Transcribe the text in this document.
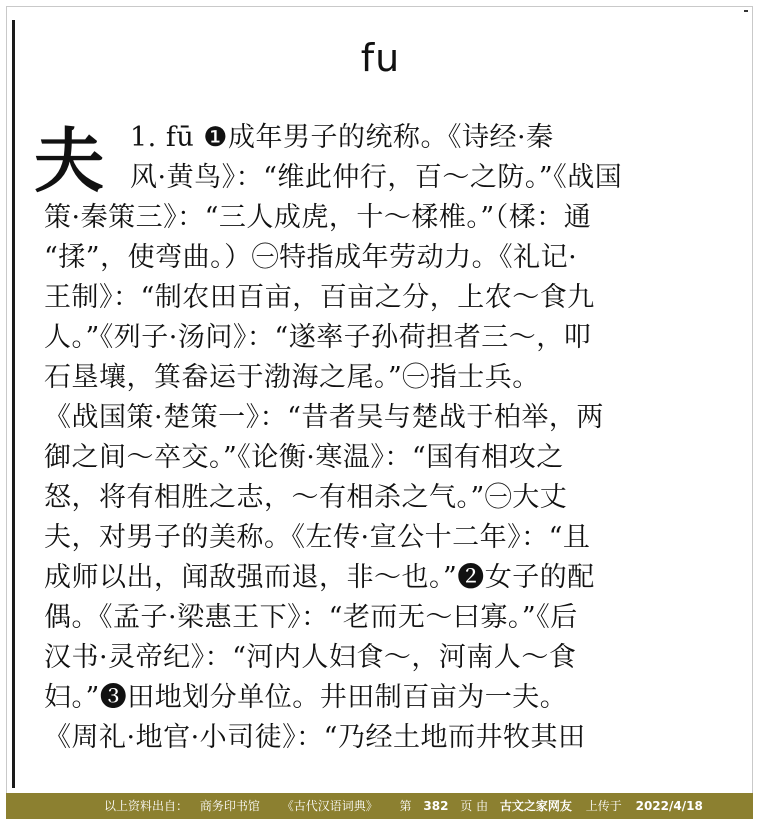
fu
夫 1. fū ❶成年男子的统称。《诗经·秦
风·黄鸟》：“维此仲行，百～之防。”《战国
策·秦策三》：“三人成虎，十～楺椎。”（楺：通
“揉”，使弯曲。）㊀特指成年劳动力。《礼记·
王制》：“制农田百亩，百亩之分，上农～食九
人。”《列子·汤问》：“遂率子孙荷担者三～，叩
石垦壤，箕畚运于渤海之尾。”㊀指士兵。
《战国策·楚策一》：“昔者吴与楚战于柏举，两
御之间～卒交。”《论衡·寒温》：“国有相攻之
怒，将有相胜之志，～有相杀之气。”㊀大丈
夫，对男子的美称。《左传·宣公十二年》：“且
成师以出，闻敌强而退，非～也。”❷女子的配
偶。《孟子·梁惠王下》：“老而无～曰寡。”《后
汉书·灵帝纪》：“河内人妇食～，河南人～食
妇。”❸田地划分单位。井田制百亩为一夫。
《周礼·地官·小司徒》：“乃经土地而井牧其田
以上资料出自： 商务印书馆 《古代汉语词典》 第 382 页 由 古文之家网友 上传于 2022/4/18
